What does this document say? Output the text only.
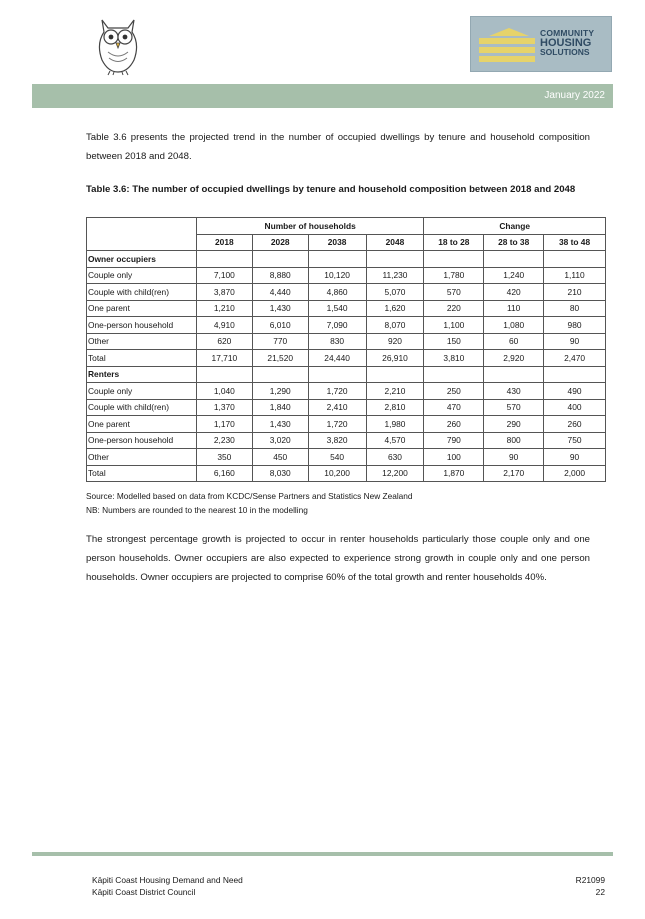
COMMUNITY
HOUSING
SOLUTIONS
January 2022

Table 3.6 presents the projected trend in the number of occupied dwellings by tenure and household composition between 2018 and 2048.

Table 3.6: The number of occupied dwellings by tenure and household composition between 2018 and 2048
	Number of households				Change		
	2018	2028	2038	2048	18 to 28	28 to 38	38 to 48
Owner occupiers							
Couple only	7,100	8,880	10,120	11,230	1,780	1,240	1,110
Couple with child(ren)	3,870	4,440	4,860	5,070	570	420	210
One parent	1,210	1,430	1,540	1,620	220	110	80
One-person household	4,910	6,010	7,090	8,070	1,100	1,080	980
Other	620	770	830	920	150	60	90
Total	17,710	21,520	24,440	26,910	3,810	2,920	2,470
Renters							
Couple only	1,040	1,290	1,720	2,210	250	430	490
Couple with child(ren)	1,370	1,840	2,410	2,810	470	570	400
One parent	1,170	1,430	1,720	1,980	260	290	260
One-person household	2,230	3,020	3,820	4,570	790	800	750
Other	350	450	540	630	100	90	90
Total	6,160	8,030	10,200	12,200	1,870	2,170	2,000
Source: Modelled based on data from KCDC/Sense Partners and Statistics New Zealand
NB: Numbers are rounded to the nearest 10 in the modelling

The strongest percentage growth is projected to occur in renter households particularly those couple only and one person households. Owner occupiers are also expected to experience strong growth in couple only and one person households. Owner occupiers are projected to comprise 60% of the total growth and renter households 40%.

Kāpiti Coast Housing Demand and Need
Kāpiti Coast District Council
R21099
22
